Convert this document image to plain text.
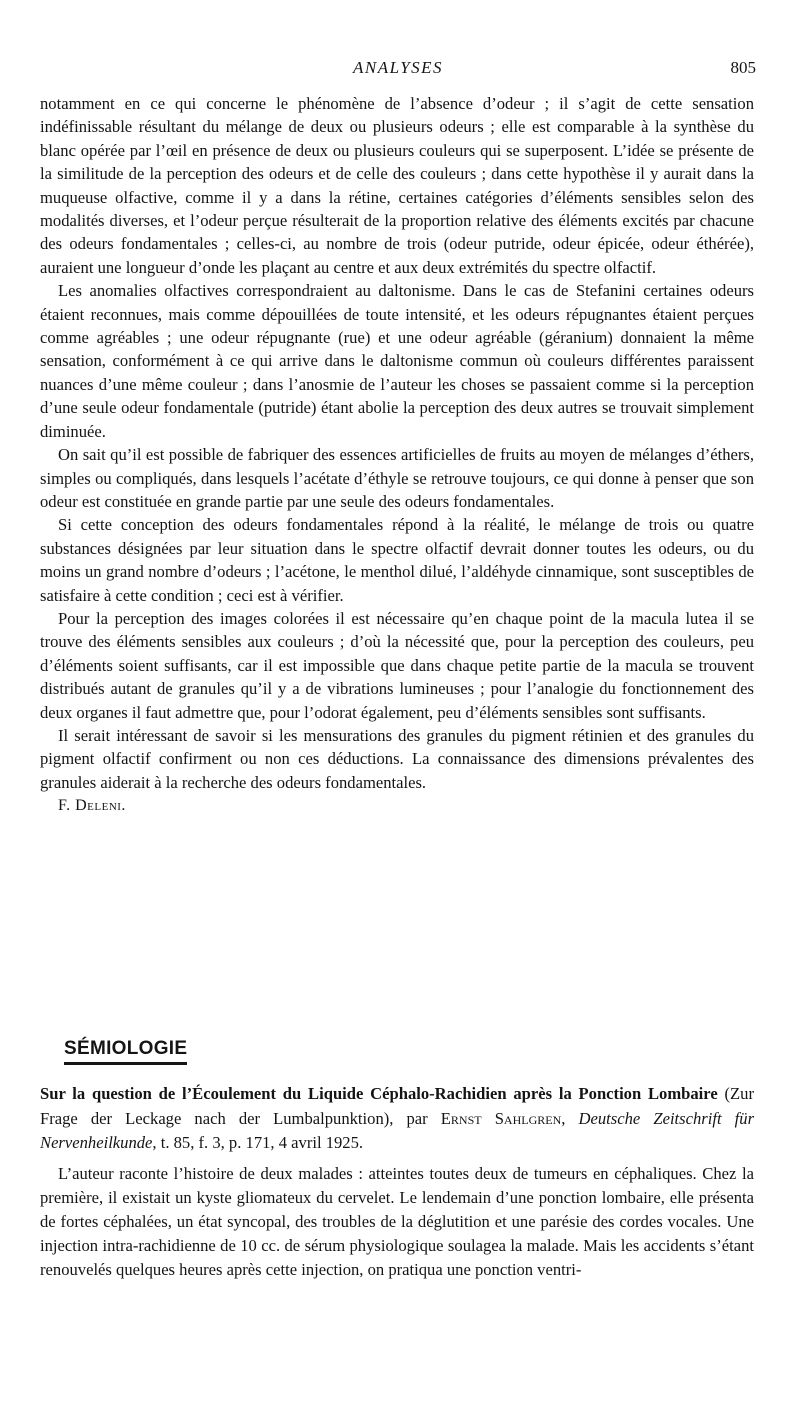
ANALYSES	805

notamment en ce qui concerne le phénomène de l’absence d’odeur ; il s’agit de cette sensation indéfinissable résultant du mélange de deux ou plusieurs odeurs ; elle est comparable à la synthèse du blanc opérée par l’œil en présence de deux ou plusieurs couleurs qui se superposent. L’idée se présente de la similitude de la perception des odeurs et de celle des couleurs ; dans cette hypothèse il y aurait dans la muqueuse olfactive, comme il y a dans la rétine, certaines catégories d’éléments sensibles selon des modalités diverses, et l’odeur perçue résulterait de la proportion relative des éléments excités par chacune des odeurs fondamentales ; celles-ci, au nombre de trois (odeur putride, odeur épicée, odeur éthérée), auraient une longueur d’onde les plaçant au centre et aux deux extrémités du spectre olfactif.

Les anomalies olfactives correspondraient au daltonisme. Dans le cas de Stefanini certaines odeurs étaient reconnues, mais comme dépouillées de toute intensité, et les odeurs répugnantes étaient perçues comme agréables ; une odeur répugnante (rue) et une odeur agréable (géranium) donnaient la même sensation, conformément à ce qui arrive dans le daltonisme commun où couleurs différentes paraissent nuances d’une même couleur ; dans l’anosmie de l’auteur les choses se passaient comme si la perception d’une seule odeur fondamentale (putride) étant abolie la perception des deux autres se trouvait simplement diminuée.

On sait qu’il est possible de fabriquer des essences artificielles de fruits au moyen de mélanges d’éthers, simples ou compliqués, dans lesquels l’acétate d’éthyle se retrouve toujours, ce qui donne à penser que son odeur est constituée en grande partie par une seule des odeurs fondamentales.

Si cette conception des odeurs fondamentales répond à la réalité, le mélange de trois ou quatre substances désignées par leur situation dans le spectre olfactif devrait donner toutes les odeurs, ou du moins un grand nombre d’odeurs ; l’acétone, le menthol dilué, l’aldéhyde cinnamique, sont susceptibles de satisfaire à cette condition ; ceci est à vérifier.

Pour la perception des images colorées il est nécessaire qu’en chaque point de la macula lutea il se trouve des éléments sensibles aux couleurs ; d’où la nécessité que, pour la perception des couleurs, peu d’éléments soient suffisants, car il est impossible que dans chaque petite partie de la macula se trouvent distribués autant de granules qu’il y a de vibrations lumineuses ; pour l’analogie du fonctionnement des deux organes il faut admettre que, pour l’odorat également, peu d’éléments sensibles sont suffisants.

Il serait intéressant de savoir si les mensurations des granules du pigment rétinien et des granules du pigment olfactif confirment ou non ces déductions. La connaissance des dimensions prévalentes des granules aiderait à la recherche des odeurs fondamentales.

F. Deleni.

SÉMIOLOGIE

Sur la question de l’Écoulement du Liquide Céphalo-Rachidien après la Ponction Lombaire (Zur Frage der Leckage nach der Lumbalpunktion), par Ernst Sahlgren, Deutsche Zeitschrift für Nervenheilkunde, t. 85, f. 3, p. 171, 4 avril 1925.

L’auteur raconte l’histoire de deux malades : atteintes toutes deux de tumeurs en céphaliques. Chez la première, il existait un kyste gliomateux du cervelet. Le lendemain d’une ponction lombaire, elle présenta de fortes céphalées, un état syncopal, des troubles de la déglutition et une parésie des cordes vocales. Une injection intra-rachidienne de 10 cc. de sérum physiologique soulagea la malade. Mais les accidents s’étant renouvelés quelques heures après cette injection, on pratiqua une ponction ventri-
